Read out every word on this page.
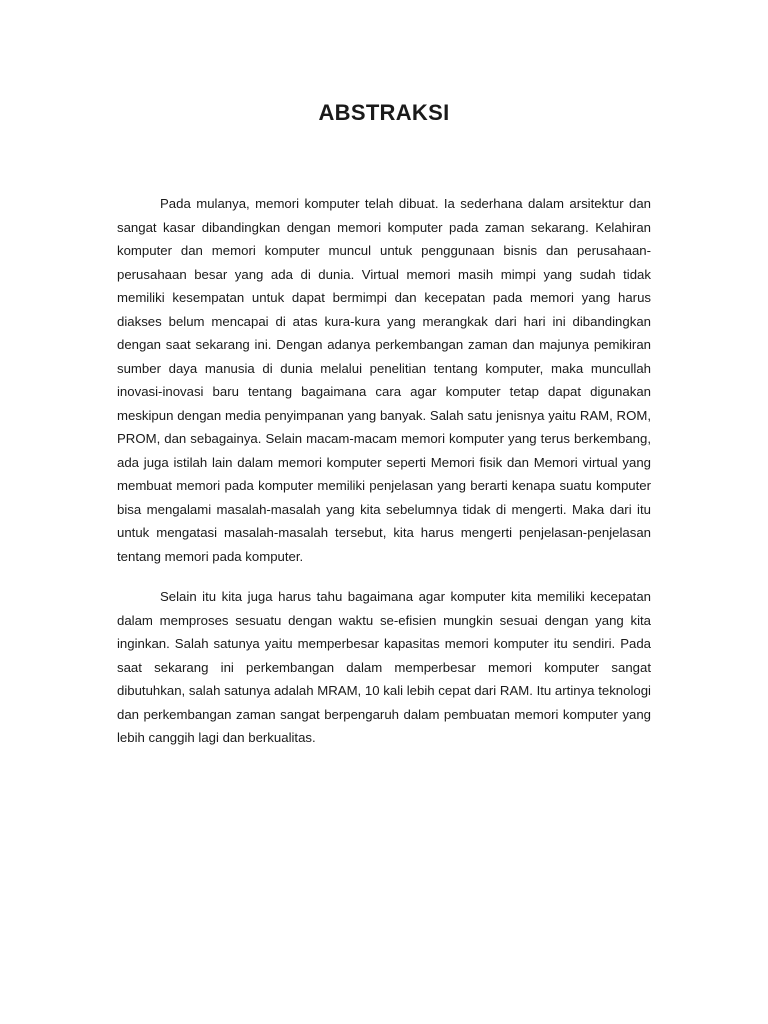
ABSTRAKSI

Pada mulanya, memori komputer telah dibuat. Ia sederhana dalam arsitektur dan sangat kasar dibandingkan dengan memori komputer pada zaman sekarang. Kelahiran komputer dan memori komputer muncul untuk penggunaan bisnis dan perusahaan-perusahaan besar yang ada di dunia. Virtual memori masih mimpi yang sudah tidak memiliki kesempatan untuk dapat bermimpi dan kecepatan pada memori yang harus diakses belum mencapai di atas kura-kura yang merangkak dari hari ini dibandingkan dengan saat sekarang ini. Dengan adanya perkembangan zaman dan majunya pemikiran sumber daya manusia di dunia melalui penelitian tentang komputer, maka muncullah inovasi-inovasi baru tentang bagaimana cara agar komputer tetap dapat digunakan meskipun dengan media penyimpanan yang banyak. Salah satu jenisnya yaitu RAM, ROM, PROM, dan sebagainya. Selain macam-macam memori komputer yang terus berkembang, ada juga istilah lain dalam memori komputer seperti Memori fisik dan Memori virtual yang membuat memori pada komputer memiliki penjelasan yang berarti kenapa suatu komputer bisa mengalami masalah-masalah yang kita sebelumnya tidak di mengerti. Maka dari itu untuk mengatasi masalah-masalah tersebut, kita harus mengerti penjelasan-penjelasan tentang memori pada komputer.

Selain itu kita juga harus tahu bagaimana agar komputer kita memiliki kecepatan dalam memproses sesuatu dengan waktu se-efisien mungkin sesuai dengan yang kita inginkan. Salah satunya yaitu memperbesar kapasitas memori komputer itu sendiri. Pada saat sekarang ini perkembangan dalam memperbesar memori komputer sangat dibutuhkan, salah satunya adalah MRAM, 10 kali lebih cepat dari RAM. Itu artinya teknologi dan perkembangan zaman sangat berpengaruh dalam pembuatan memori komputer yang lebih canggih lagi dan berkualitas.
